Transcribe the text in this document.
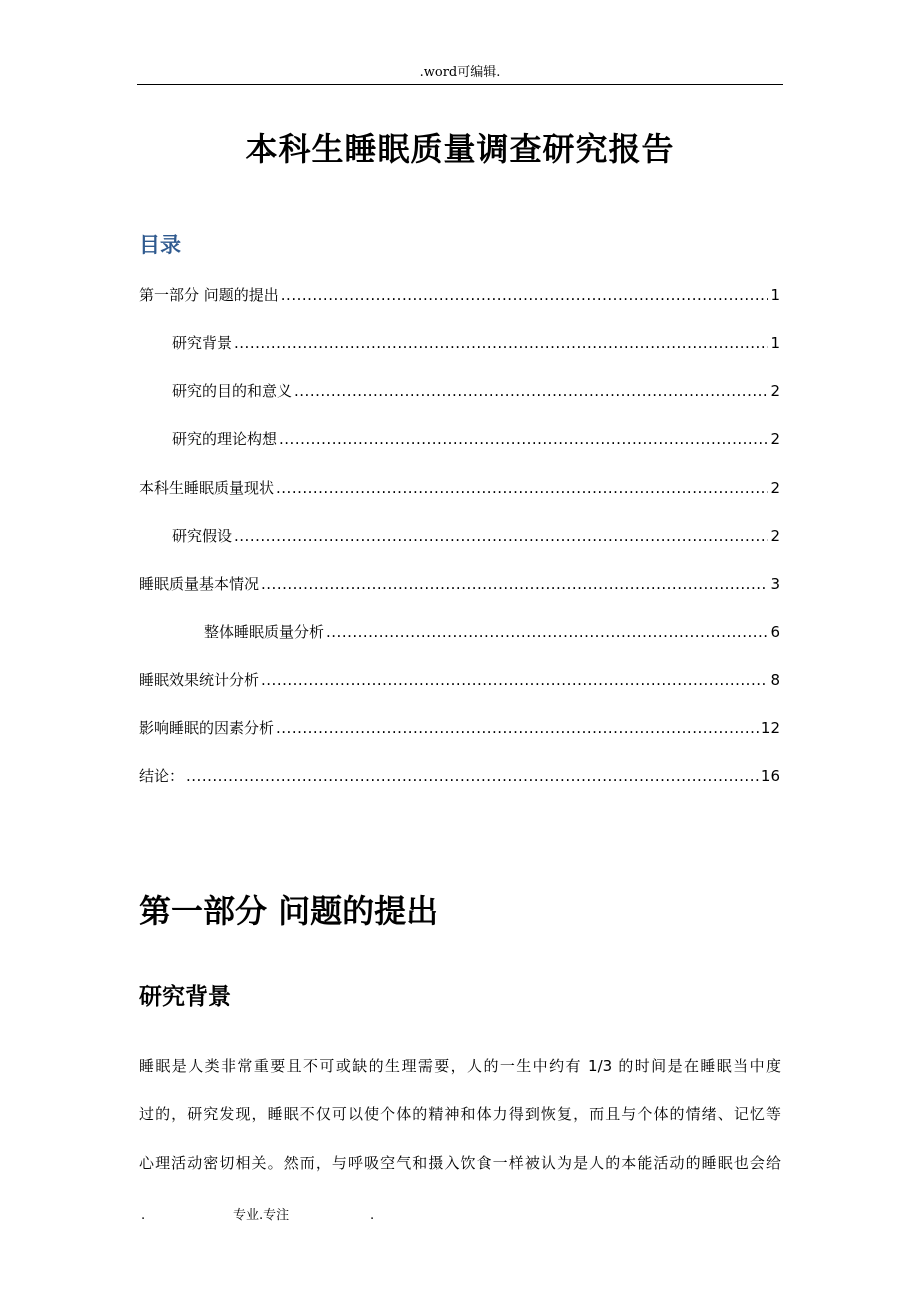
.word可编辑.
本科生睡眠质量调查研究报告
目录
第一部分 问题的提出 .....	1
研究背景 .....	1
研究的目的和意义 .....	2
研究的理论构想 .....	2
本科生睡眠质量现状 .....	2
研究假设 .....	2
睡眠质量基本情况 .....	3
整体睡眠质量分析 .....	6
睡眠效果统计分析 .....	8
影响睡眠的因素分析 .....	12
结论： .....	16
第一部分 问题的提出
研究背景
睡眠是人类非常重要且不可或缺的生理需要，人的一生中约有 1/3 的时间是在睡眠当中度
过的，研究发现，睡眠不仅可以使个体的精神和体力得到恢复，而且与个体的情绪、记忆等
心理活动密切相关。然而，与呼吸空气和摄入饮食一样被认为是人的本能活动的睡眠也会给
.	专业.专注	.
